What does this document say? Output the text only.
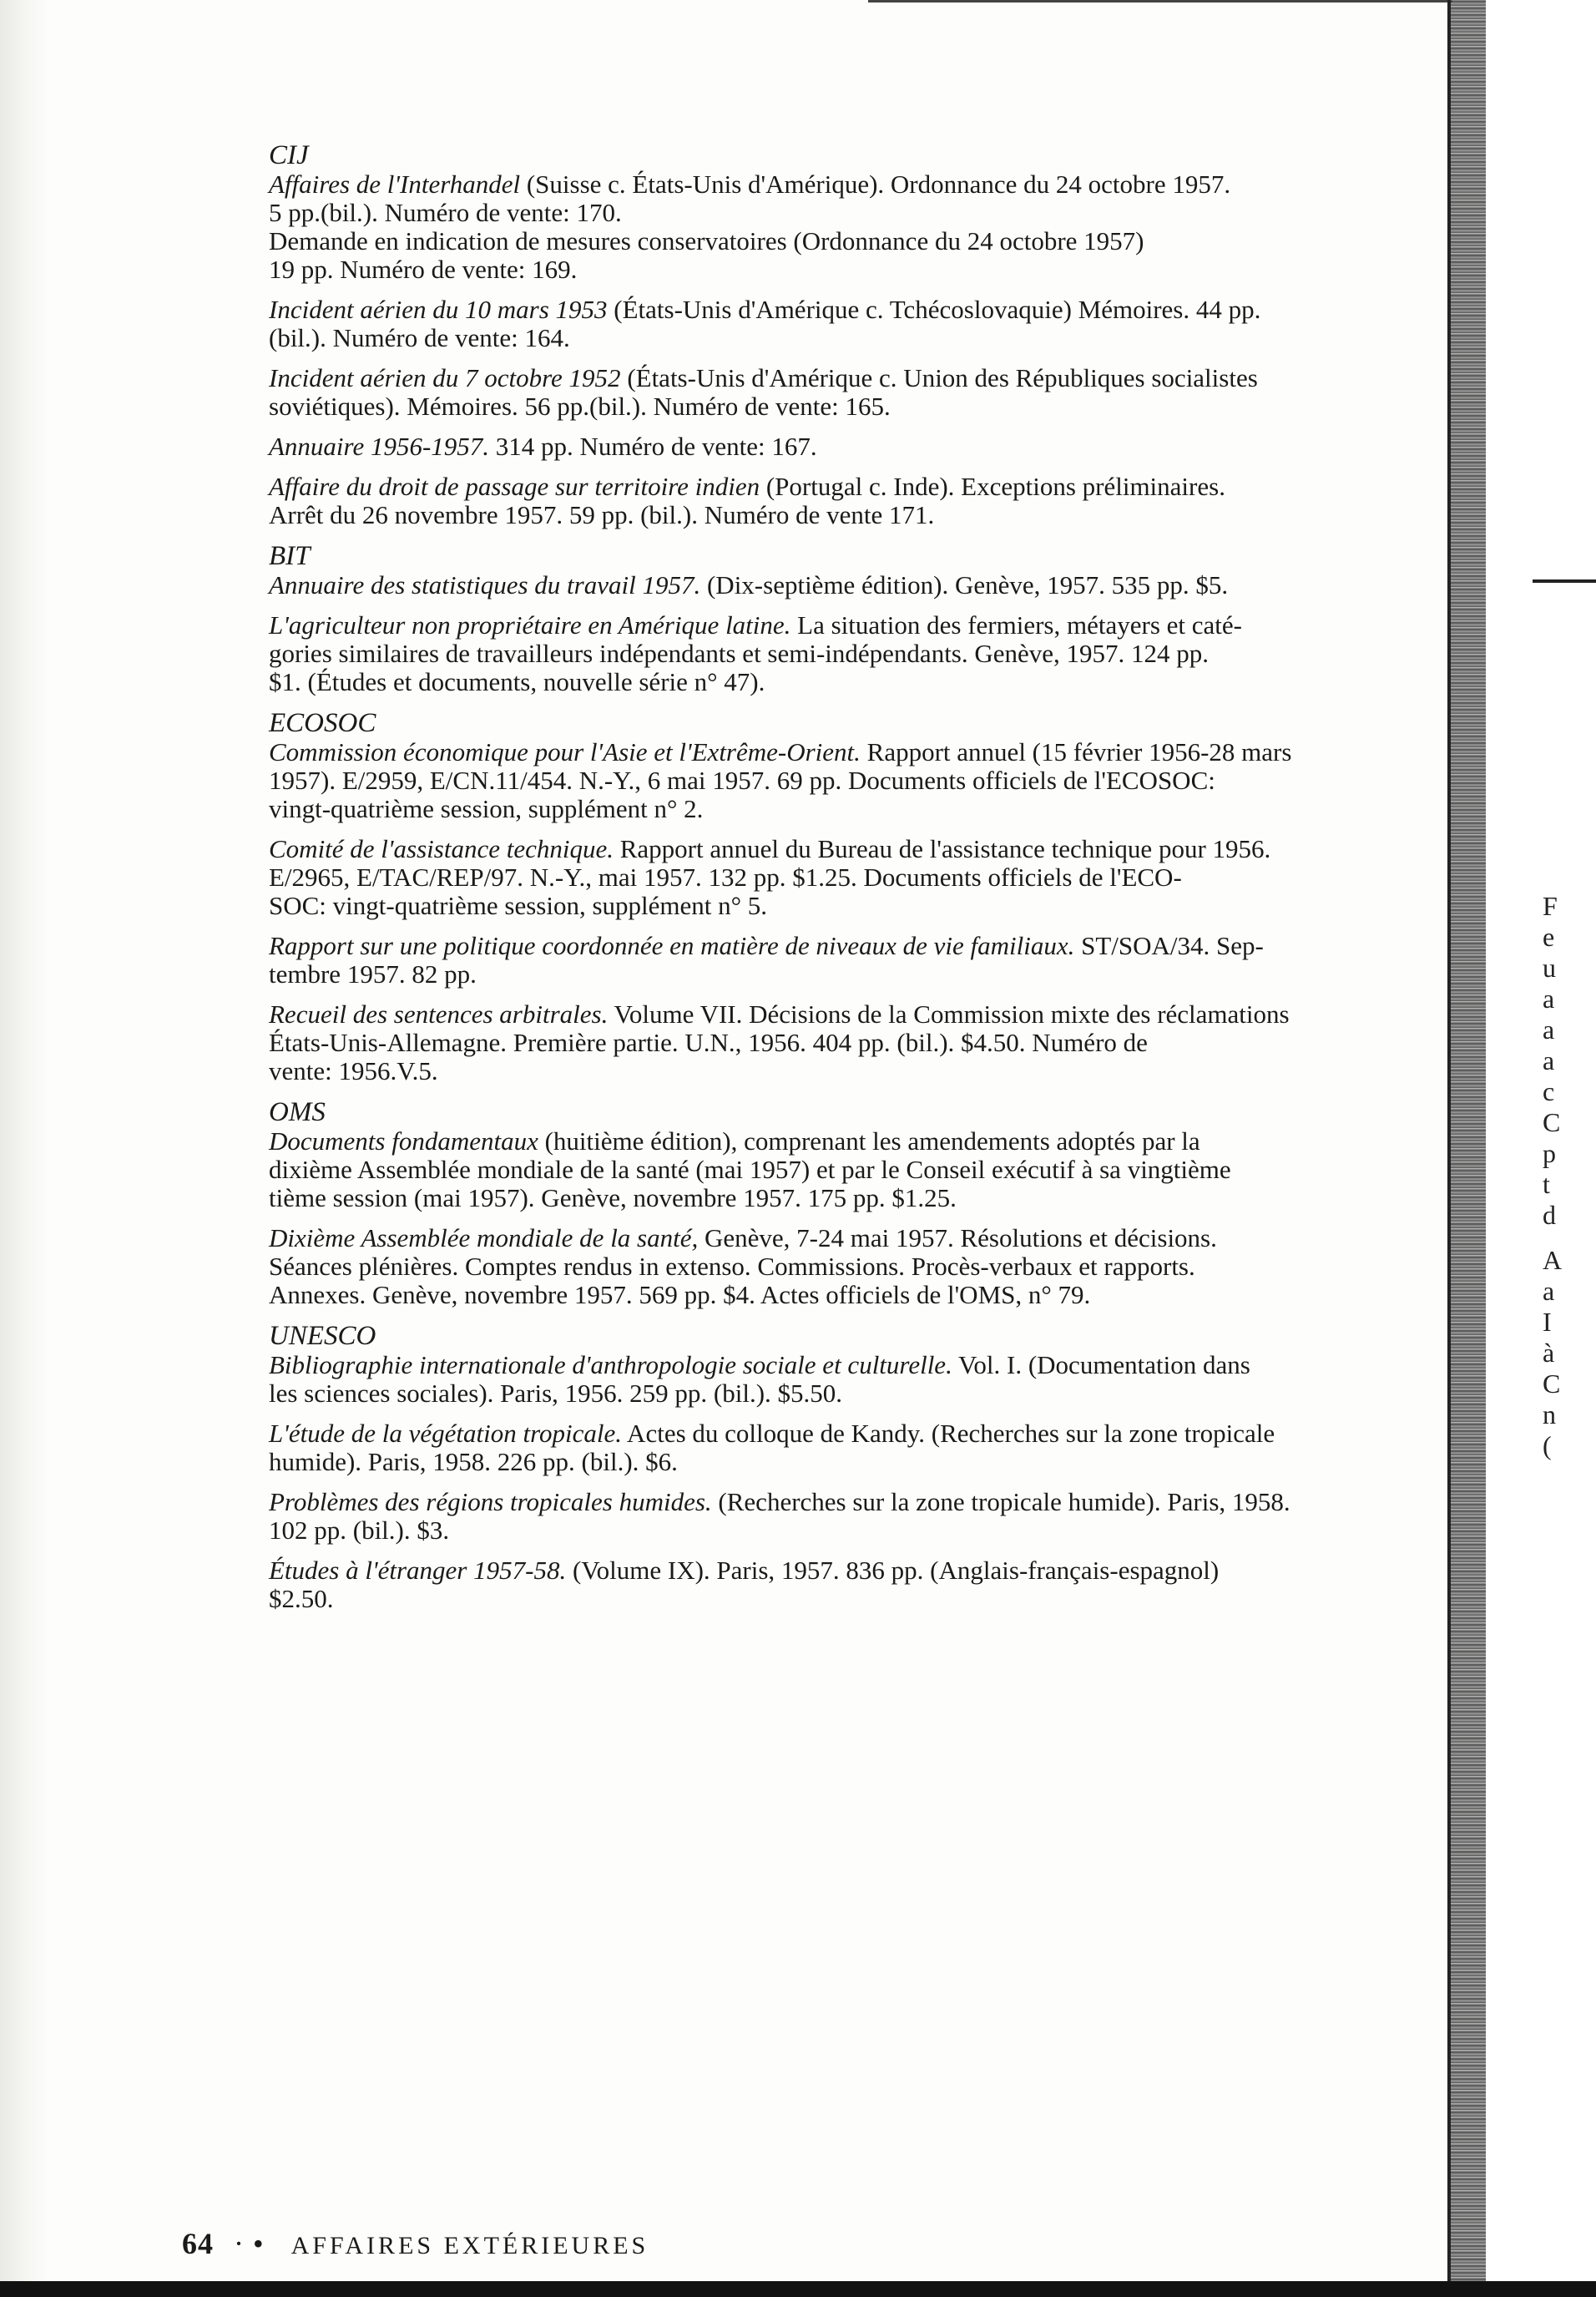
F
e
u
a
a
a
c
C
p
t
d
A
a
I
à
C
n
(
CIJ
Affaires de l'Interhandel (Suisse c. États-Unis d'Amérique). Ordonnance du 24 octobre 1957.
5 pp.(bil.). Numéro de vente: 170.
Demande en indication de mesures conservatoires (Ordonnance du 24 octobre 1957)
19 pp. Numéro de vente: 169.
Incident aérien du 10 mars 1953 (États-Unis d'Amérique c. Tchécoslovaquie) Mémoires. 44 pp.
(bil.). Numéro de vente: 164.
Incident aérien du 7 octobre 1952 (États-Unis d'Amérique c. Union des Républiques socialistes
soviétiques). Mémoires. 56 pp.(bil.). Numéro de vente: 165.
Annuaire 1956-1957. 314 pp. Numéro de vente: 167.
Affaire du droit de passage sur territoire indien (Portugal c. Inde). Exceptions préliminaires.
Arrêt du 26 novembre 1957. 59 pp. (bil.). Numéro de vente 171.
BIT
Annuaire des statistiques du travail 1957. (Dix-septième édition). Genève, 1957. 535 pp. $5.
L'agriculteur non propriétaire en Amérique latine. La situation des fermiers, métayers et caté-
gories similaires de travailleurs indépendants et semi-indépendants. Genève, 1957. 124 pp.
$1. (Études et documents, nouvelle série n° 47).
ECOSOC
Commission économique pour l'Asie et l'Extrême-Orient. Rapport annuel (15 février 1956-28 mars
1957). E/2959, E/CN.11/454. N.-Y., 6 mai 1957. 69 pp. Documents officiels de l'ECOSOC:
vingt-quatrième session, supplément n° 2.
Comité de l'assistance technique. Rapport annuel du Bureau de l'assistance technique pour 1956.
E/2965, E/TAC/REP/97. N.-Y., mai 1957. 132 pp. $1.25. Documents officiels de l'ECO-
SOC: vingt-quatrième session, supplément n° 5.
Rapport sur une politique coordonnée en matière de niveaux de vie familiaux. ST/SOA/34. Sep-
tembre 1957. 82 pp.
Recueil des sentences arbitrales. Volume VII. Décisions de la Commission mixte des réclamations
États-Unis-Allemagne. Première partie. U.N., 1956. 404 pp. (bil.). $4.50. Numéro de
vente: 1956.V.5.
OMS
Documents fondamentaux (huitième édition), comprenant les amendements adoptés par la
dixième Assemblée mondiale de la santé (mai 1957) et par le Conseil exécutif à sa vingtième
tième session (mai 1957). Genève, novembre 1957. 175 pp. $1.25.
Dixième Assemblée mondiale de la santé, Genève, 7-24 mai 1957. Résolutions et décisions.
Séances plénières. Comptes rendus in extenso. Commissions. Procès-verbaux et rapports.
Annexes. Genève, novembre 1957. 569 pp. $4. Actes officiels de l'OMS, n° 79.
UNESCO
Bibliographie internationale d'anthropologie sociale et culturelle. Vol. I. (Documentation dans
les sciences sociales). Paris, 1956. 259 pp. (bil.). $5.50.
L'étude de la végétation tropicale. Actes du colloque de Kandy. (Recherches sur la zone tropicale
humide). Paris, 1958. 226 pp. (bil.). $6.
Problèmes des régions tropicales humides. (Recherches sur la zone tropicale humide). Paris, 1958.
102 pp. (bil.). $3.
Études à l'étranger 1957-58. (Volume IX). Paris, 1957. 836 pp. (Anglais-français-espagnol)
$2.50.
64 · • AFFAIRES EXTÉRIEURES
